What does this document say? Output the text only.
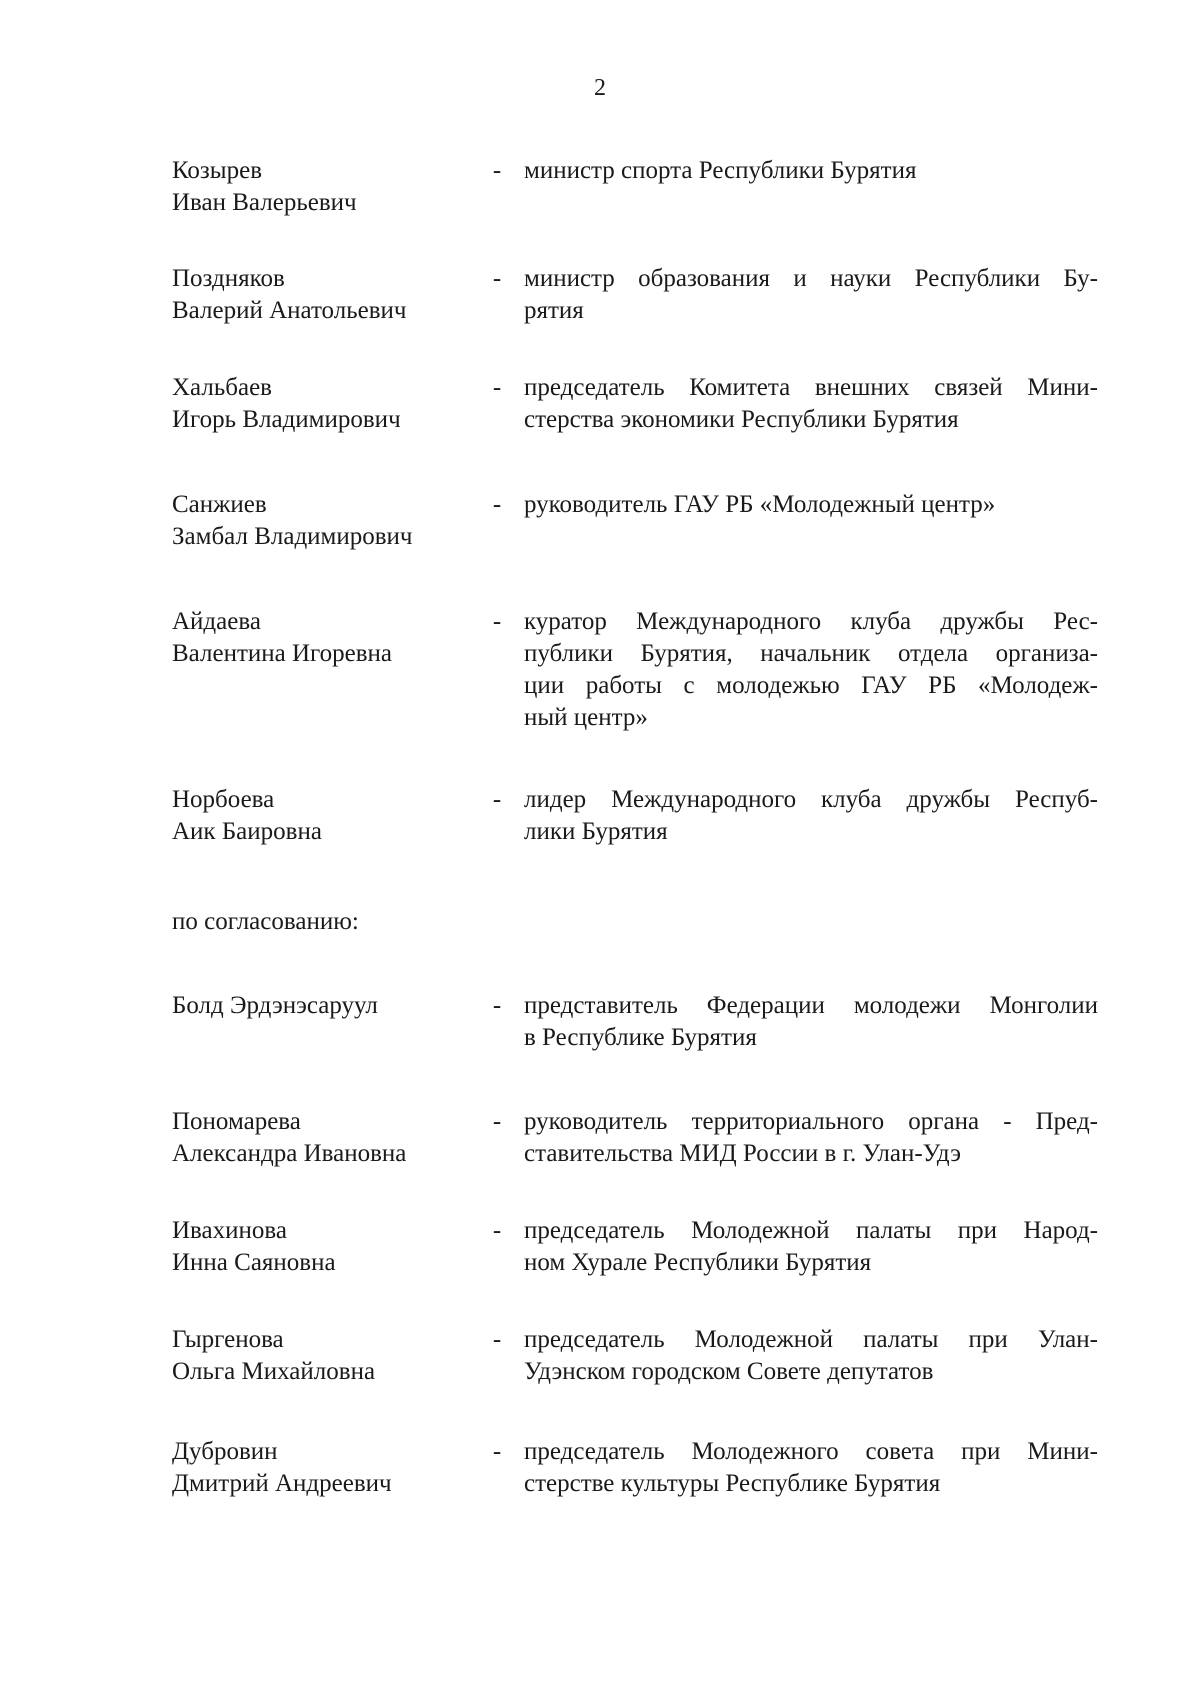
2
Козырев
Иван Валерьевич
- министр спорта Республики Бурятия
Поздняков
Валерий Анатольевич
- министр образования и науки Республики Бу-
рятия
Хальбаев
Игорь Владимирович
- председатель Комитета внешних связей Мини-
стерства экономики Республики Бурятия
Санжиев
Замбал Владимирович
- руководитель ГАУ РБ «Молодежный центр»
Айдаева
Валентина Игоревна
- куратор Международного клуба дружбы Рес-
публики Бурятия, начальник отдела организа-
ции работы с молодежью ГАУ РБ «Молодеж-
ный центр»
Норбоева
Аик Баировна
- лидер Международного клуба дружбы Респуб-
лики Бурятия
по согласованию:
Болд Эрдэнэсаруул	- представитель Федерации молодежи Монголии
в Республике Бурятия
Пономарева
Александра Ивановна
- руководитель территориального органа - Пред-
ставительства МИД России в г. Улан-Удэ
Ивахинова
Инна Саяновна
- председатель Молодежной палаты при Народ-
ном Хурале Республики Бурятия
Гыргенова
Ольга Михайловна
- председатель Молодежной палаты при Улан-
Удэнском городском Совете депутатов
Дубровин
Дмитрий Андреевич
- председатель Молодежного совета при Мини-
стерстве культуры Республике Бурятия
